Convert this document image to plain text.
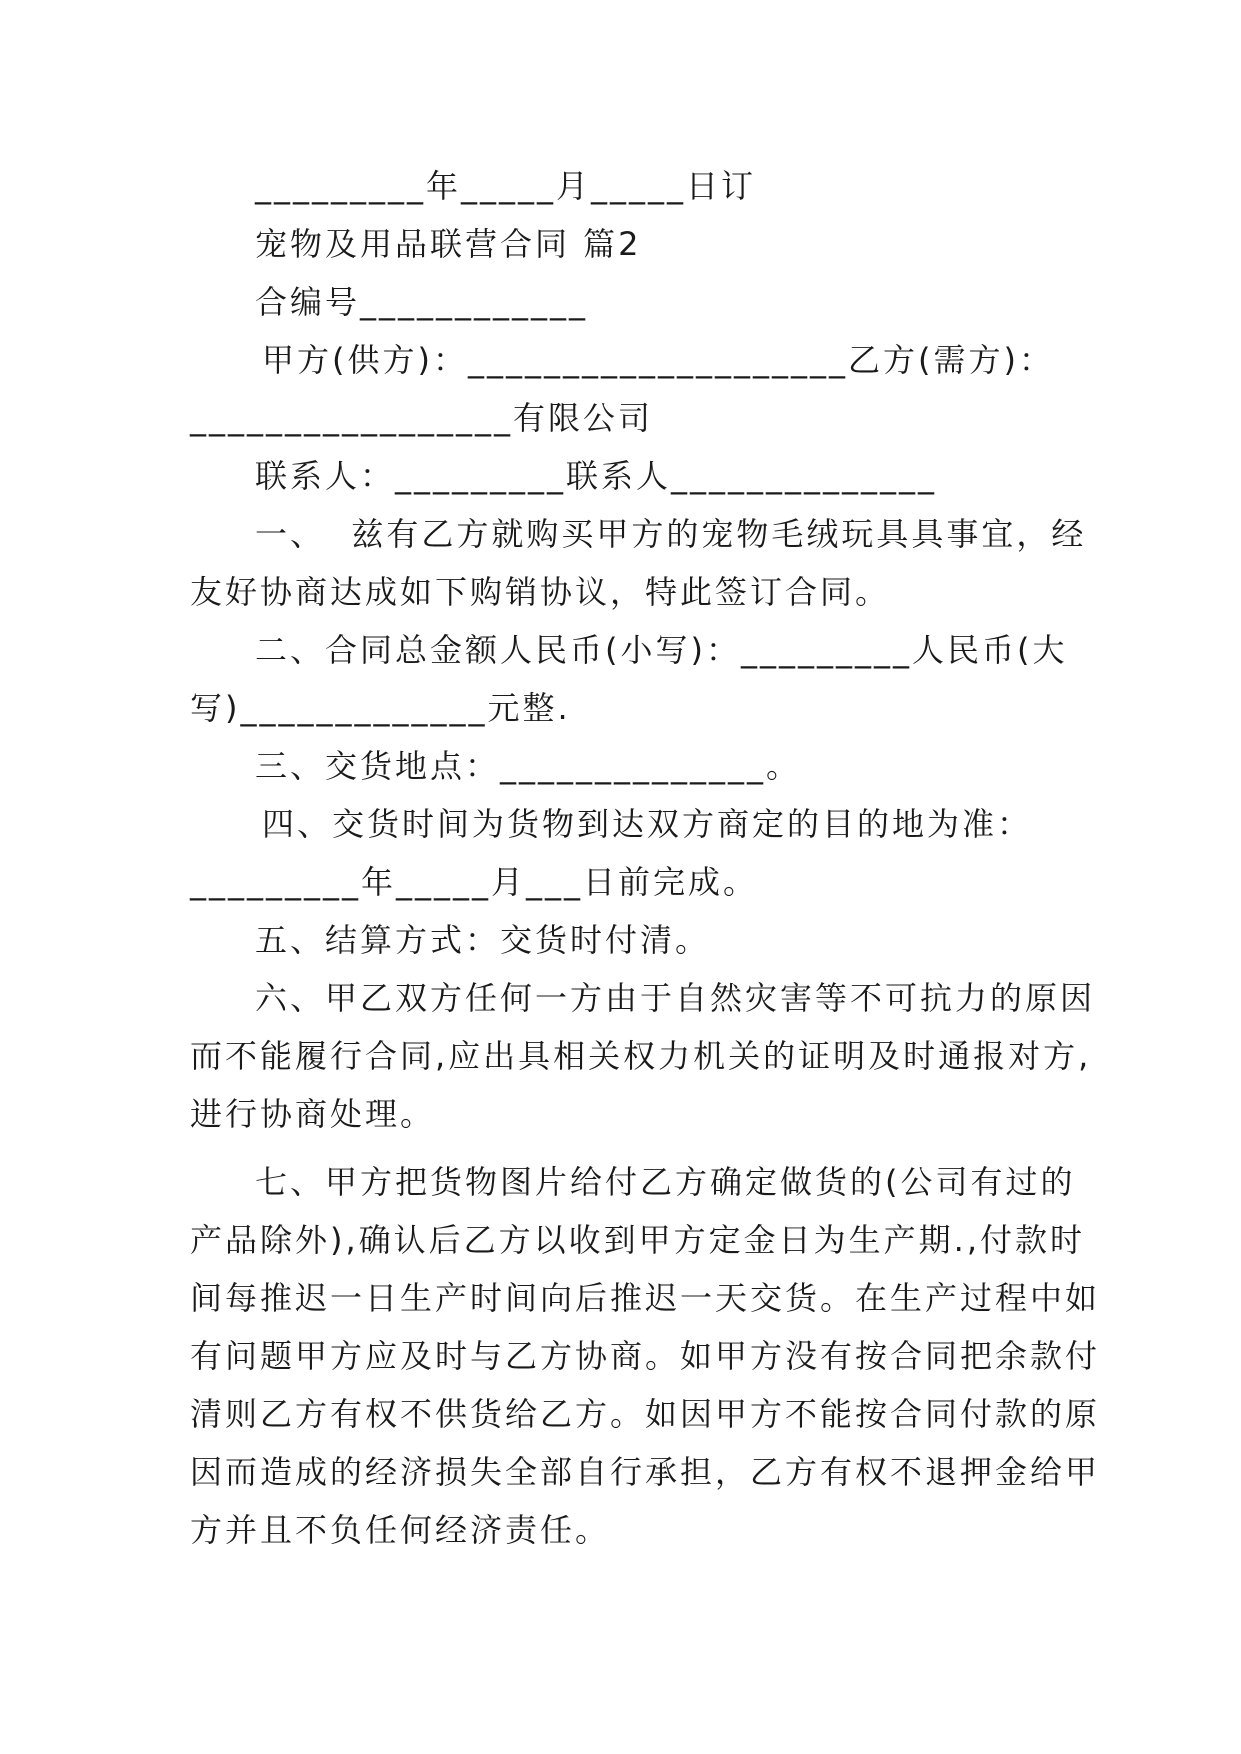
_________年_____月_____日订
宠物及用品联营合同 篇2
合编号____________
甲方(供方)：____________________乙方(需方)：
_________________有限公司
联系人：_________联系人______________
一、  兹有乙方就购买甲方的宠物毛绒玩具具事宜，经
友好协商达成如下购销协议，特此签订合同。
二、合同总金额人民币(小写)：_________人民币(大
写)_____________元整.
三、交货地点：______________。
四、交货时间为货物到达双方商定的目的地为准：
_________年_____月___日前完成。
五、结算方式：交货时付清。
六、甲乙双方任何一方由于自然灾害等不可抗力的原因
而不能履行合同,应出具相关权力机关的证明及时通报对方,
进行协商处理。
七、甲方把货物图片给付乙方确定做货的(公司有过的
产品除外),确认后乙方以收到甲方定金日为生产期.,付款时
间每推迟一日生产时间向后推迟一天交货。在生产过程中如
有问题甲方应及时与乙方协商。如甲方没有按合同把余款付
清则乙方有权不供货给乙方。如因甲方不能按合同付款的原
因而造成的经济损失全部自行承担，乙方有权不退押金给甲
方并且不负任何经济责任。
